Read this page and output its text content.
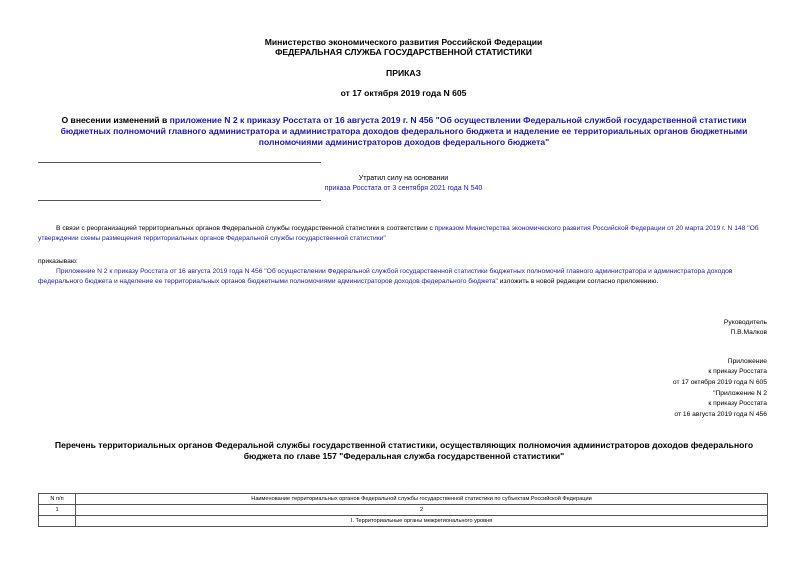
Министерство экономического развития Российской Федерации
ФЕДЕРАЛЬНАЯ СЛУЖБА ГОСУДАРСТВЕННОЙ СТАТИСТИКИ
ПРИКАЗ
от 17 октября 2019 года N 605
О внесении изменений в приложение N 2 к приказу Росстата от 16 августа 2019 г. N 456 "Об осуществлении Федеральной службой государственной статистики бюджетных полномочий главного администратора и администратора доходов федерального бюджета и наделение ее территориальных органов бюджетными полномочиями администраторов доходов федерального бюджета"
Утратил силу на основании
приказа Росстата от 3 сентября 2021 года N 540
В связи с реорганизацией территориальных органов Федеральной службы государственной статистики в соответствии с приказом Министерства экономического развития Российской Федерации от 20 марта 2019 г. N 148 "Об утверждении схемы размещения территориальных органов Федеральной службы государственной статистики"
приказываю:
Приложение N 2 к приказу Росстата от 16 августа 2019 года N 456 "Об осуществлении Федеральной службой государственной статистики бюджетных полномочий главного администратора и администратора доходов федерального бюджета и наделение ее территориальных органов бюджетными полномочиями администраторов доходов федерального бюджета" изложить в новой редакции согласно приложению.
Руководитель
П.В.Малков
Приложение
к приказу Росстата
от 17 октября 2019 года N 605
"Приложение N 2
к приказу Росстата
от 16 августа 2019 года N 456
Перечень территориальных органов Федеральной службы государственной статистики, осуществляющих полномочия администраторов доходов федерального бюджета по главе 157 "Федеральная служба государственной статистики"
N п/п	Наименование территориальных органов Федеральной службы государственной статистики по субъектам Российской Федерации
1	2
	I. Территориальные органы межрегионального уровня
